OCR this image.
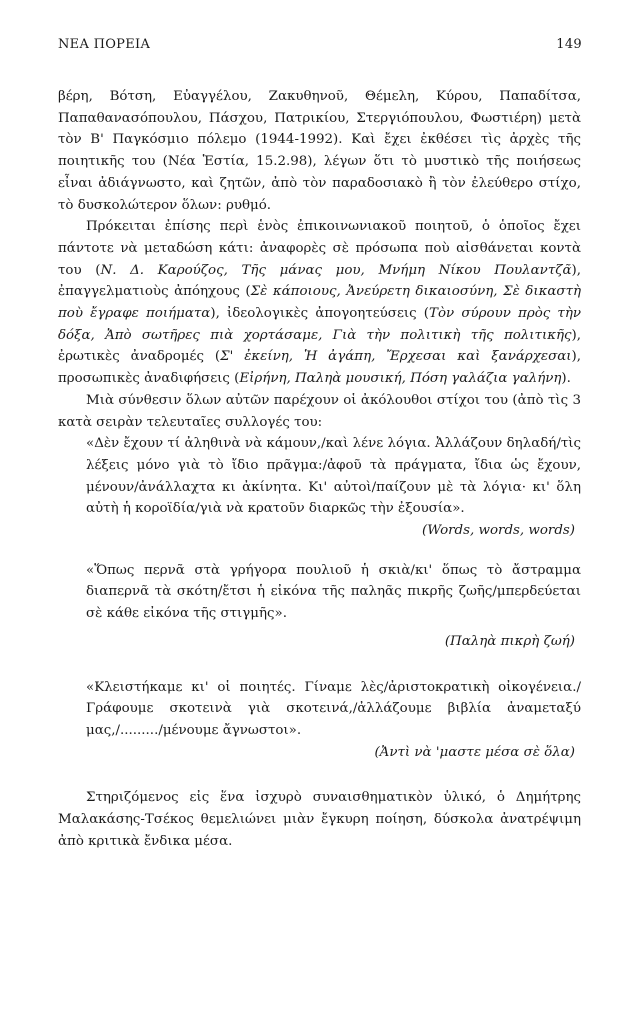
ΝΕΑ ΠΟΡΕΙΑ	149

βέρη, Βότση, Εὐαγγέλου, Ζακυθηνοῦ, Θέμελη, Κύρου, Παπαδίτσα, Παπαθανασόπουλου, Πάσχου, Πατρικίου, Στεργιόπουλου, Φωστιέρη) μετὰ τὸν Β' Παγκόσμιο πόλεμο (1944-1992). Καὶ ἔχει ἐκθέσει τὶς ἀρχὲς τῆς ποιητικῆς του (Νέα Ἑστία, 15.2.98), λέγων ὅτι τὸ μυστικὸ τῆς ποιήσεως εἶναι ἀδιάγνωστο, καὶ ζητῶν, ἀπὸ τὸν παραδοσιακὸ ἢ τὸν ἐλεύθερο στίχο, τὸ δυσκολώτερον ὅλων: ρυθμό.

Πρόκειται ἐπίσης περὶ ἑνὸς ἐπικοινωνιακοῦ ποιητοῦ, ὁ ὁποῖος ἔχει πάντοτε νὰ μεταδώση κάτι: ἀναφορὲς σὲ πρόσωπα ποὺ αἰσθάνεται κοντὰ του (Ν. Δ. Καρούζος, Τῆς μάνας μου, Μνήμη Νίκου Πουλαντζᾶ), ἐπαγγελματιοὺς ἀπόηχους (Σὲ κάποιους, Ἀνεύρετη δικαιοσύνη, Σὲ δικαστὴ ποὺ ἔγραφε ποιήματα), ἰδεολογικὲς ἀπογοητεύσεις (Τὸν σύρουν πρὸς τὴν δόξα, Ἀπὸ σωτῆρες πιὰ χορτάσαμε, Γιὰ τὴν πολιτικὴ τῆς πολιτικῆς), ἐρωτικὲς ἀναδρομές (Σ' ἐκείνη, Ἡ ἀγάπη, Ἔρχεσαι καὶ ξανάρχεσαι), προσωπικὲς ἀναδιφήσεις (Εἰρήνη, Παληὰ μουσική, Πόση γαλάζια γαλήνη).

Μιὰ σύνθεσιν ὅλων αὐτῶν παρέχουν οἱ ἀκόλουθοι στίχοι του (ἀπὸ τὶς 3 κατὰ σειρὰν τελευταῖες συλλογές του:

«Δὲν ἔχουν τί ἀληθινὰ νὰ κάμουν,/καὶ λένε λόγια. Ἀλλάζουν δηλαδή/τὶς λέξεις μόνο γιὰ τὸ ἴδιο πρᾶγμα:/ἀφοῦ τὰ πράγματα, ἴδια ὡς ἔχουν, μένουν/ἀνάλλαχτα κι ἀκίνητα. Κι' αὐτοὶ/παίζουν μὲ τὰ λόγια· κι' ὅλη αὐτὴ ἡ κοροϊδία/γιὰ νὰ κρατοῦν διαρκῶς τὴν ἐξουσία».

(Words, words, words)

«Ὅπως περνᾶ στὰ γρήγορα πουλιοῦ ἡ σκιὰ/κι' ὅπως τὸ ἄστραμμα διαπερνᾶ τὰ σκότη/ἔτσι ἡ εἰκόνα τῆς παληᾶς πικρῆς ζωῆς/μπερδεύεται σὲ κάθε εἰκόνα τῆς στιγμῆς».

(Παληὰ πικρὴ ζωή)

«Κλειστήκαμε κι' οἱ ποιητές. Γίναμε λὲς/ἀριστοκρατικὴ οἰκογένεια./Γράφουμε σκοτεινὰ γιὰ σκοτεινά,/ἀλλάζουμε βιβλία ἀναμεταξύ μας,/........./μένουμε ἄγνωστοι».

(Ἀντὶ νὰ 'μαστε μέσα σὲ ὅλα)

Στηριζόμενος εἰς ἕνα ἰσχυρὸ συναισθηματικὸν ὑλικό, ὁ Δημήτρης Μαλακάσης-Τσέκος θεμελιώνει μιὰν ἔγκυρη ποίηση, δύσκολα ἀνατρέψιμη ἀπὸ κριτικὰ ἔνδικα μέσα.
